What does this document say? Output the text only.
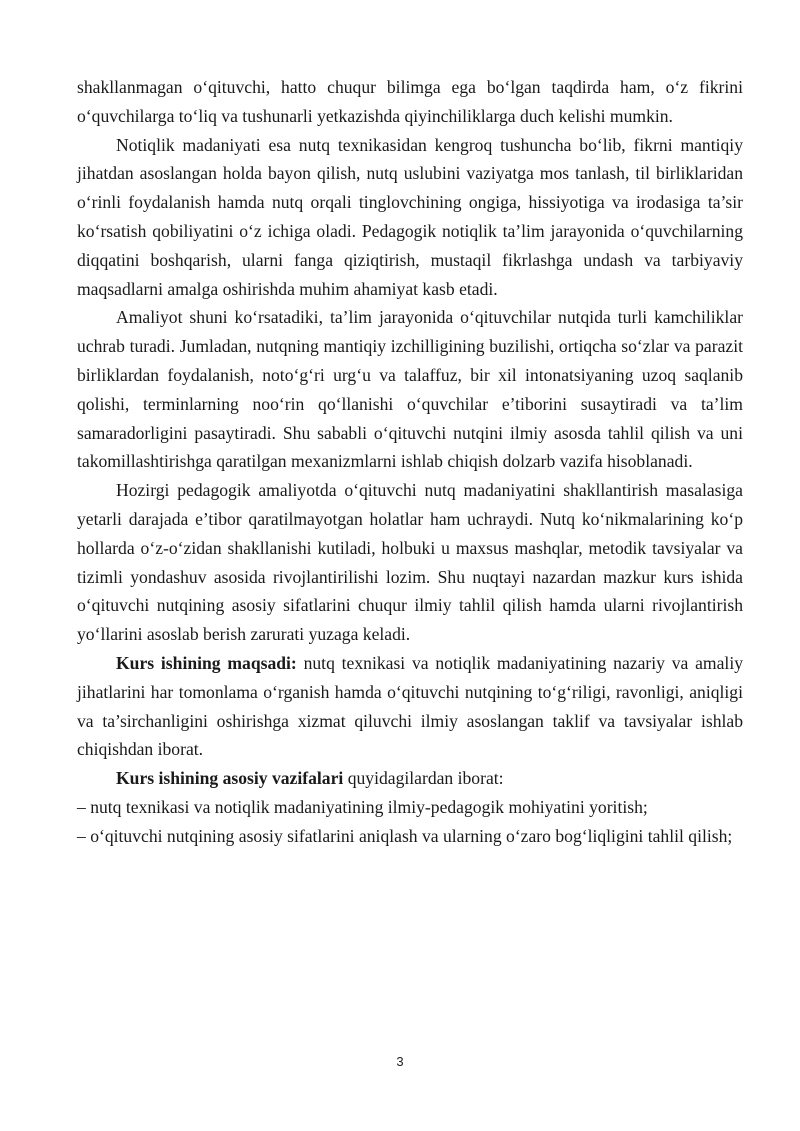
shakllanmagan o‘qituvchi, hatto chuqur bilimga ega bo‘lgan taqdirda ham, o‘z fikrini o‘quvchilarga to‘liq va tushunarli yetkazishda qiyinchiliklarga duch kelishi mumkin.

Notiqlik madaniyati esa nutq texnikasidan kengroq tushuncha bo‘lib, fikrni mantiqiy jihatdan asoslangan holda bayon qilish, nutq uslubini vaziyatga mos tanlash, til birliklaridan o‘rinli foydalanish hamda nutq orqali tinglovchining ongiga, hissiyotiga va irodasiga ta’sir ko‘rsatish qobiliyatini o‘z ichiga oladi. Pedagogik notiqlik ta’lim jarayonida o‘quvchilarning diqqatini boshqarish, ularni fanga qiziqtirish, mustaqil fikrlashga undash va tarbiyaviy maqsadlarni amalga oshirishda muhim ahamiyat kasb etadi.

Amaliyot shuni ko‘rsatadiki, ta’lim jarayonida o‘qituvchilar nutqida turli kamchiliklar uchrab turadi. Jumladan, nutqning mantiqiy izchilligining buzilishi, ortiqcha so‘zlar va parazit birliklardan foydalanish, noto‘g‘ri urg‘u va talaffuz, bir xil intonatsiyaning uzoq saqlanib qolishi, terminlarning noo‘rin qo‘llanishi o‘quvchilar e’tiborini susaytiradi va ta’lim samaradorligini pasaytiradi. Shu sababli o‘qituvchi nutqini ilmiy asosda tahlil qilish va uni takomillashtirishga qaratilgan mexanizmlarni ishlab chiqish dolzarb vazifa hisoblanadi.

Hozirgi pedagogik amaliyotda o‘qituvchi nutq madaniyatini shakllantirish masalasiga yetarli darajada e’tibor qaratilmayotgan holatlar ham uchraydi. Nutq ko‘nikmalarining ko‘p hollarda o‘z-o‘zidan shakllanishi kutiladi, holbuki u maxsus mashqlar, metodik tavsiyalar va tizimli yondashuv asosida rivojlantirilishi lozim. Shu nuqtayi nazardan mazkur kurs ishida o‘qituvchi nutqining asosiy sifatlarini chuqur ilmiy tahlil qilish hamda ularni rivojlantirish yo‘llarini asoslab berish zarurati yuzaga keladi.

Kurs ishining maqsadi: nutq texnikasi va notiqlik madaniyatining nazariy va amaliy jihatlarini har tomonlama o‘rganish hamda o‘qituvchi nutqining to‘g‘riligi, ravonligi, aniqligi va ta’sirchanligini oshirishga xizmat qiluvchi ilmiy asoslangan taklif va tavsiyalar ishlab chiqishdan iborat.

Kurs ishining asosiy vazifalari quyidagilardan iborat:

– nutq texnikasi va notiqlik madaniyatining ilmiy-pedagogik mohiyatini yoritish;

– o‘qituvchi nutqining asosiy sifatlarini aniqlash va ularning o‘zaro bog‘liqligini tahlil qilish;

3
